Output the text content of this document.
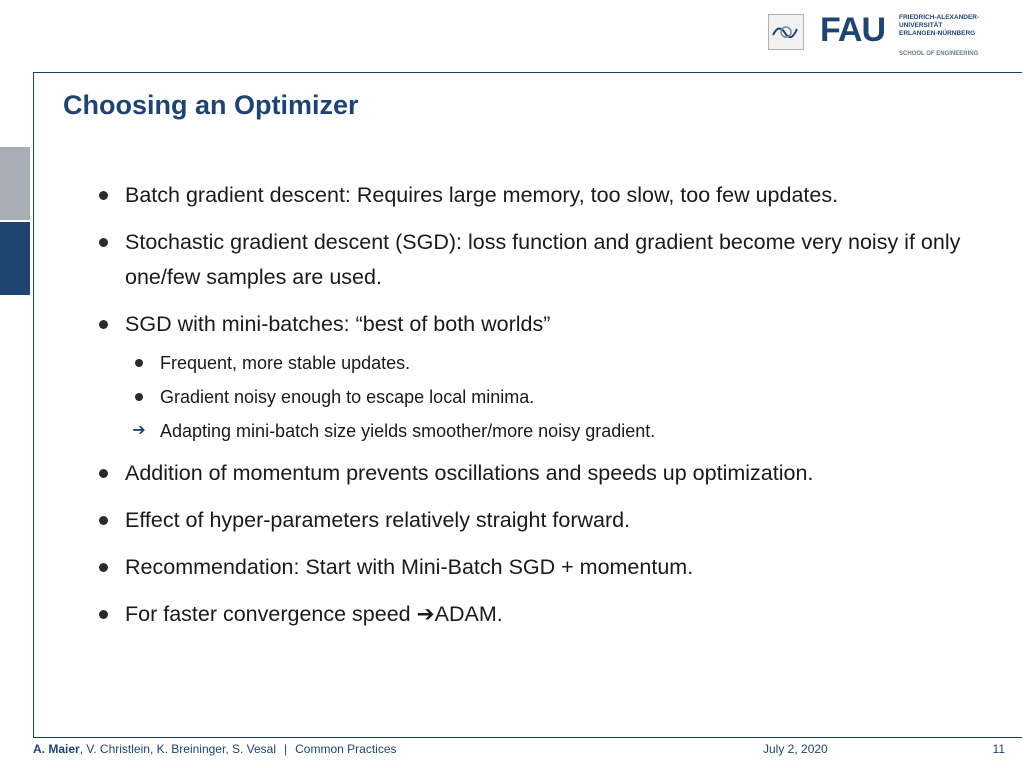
FAU FRIEDRICH-ALEXANDER-
UNIVERSITÄT
ERLANGEN-NÜRNBERG
SCHOOL OF ENGINEERING
Choosing an Optimizer
Batch gradient descent: Requires large memory, too slow, too few updates.
Stochastic gradient descent (SGD): loss function and gradient become very noisy if only one/few samples are used.
SGD with mini-batches: “best of both worlds”
Frequent, more stable updates.
Gradient noisy enough to escape local minima.
➔ Adapting mini-batch size yields smoother/more noisy gradient.
Addition of momentum prevents oscillations and speeds up optimization.
Effect of hyper-parameters relatively straight forward.
Recommendation: Start with Mini-Batch SGD + momentum.
For faster convergence speed ➔ADAM.
A. Maier, V. Christlein, K. Breininger, S. Vesal | Common Practices	July 2, 2020	11
